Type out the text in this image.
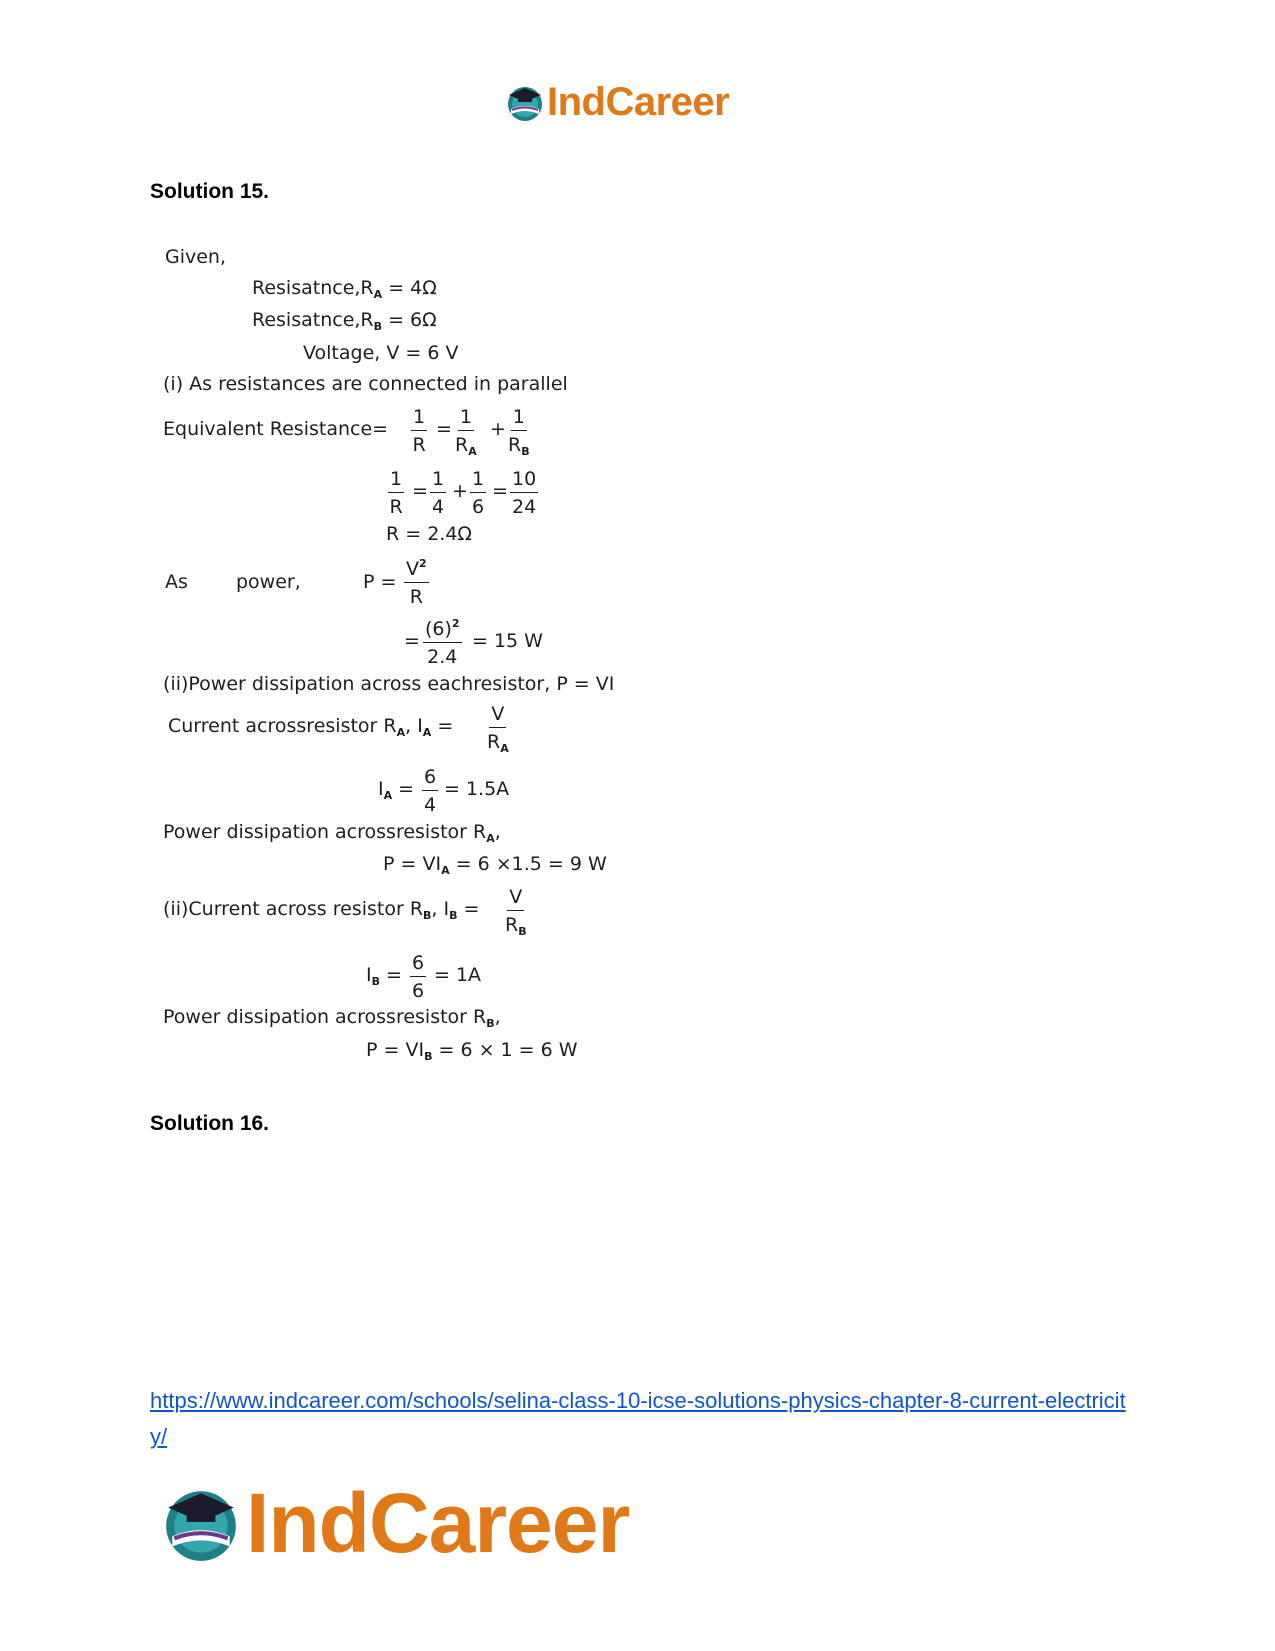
IndCareer
Solution 15.
Given,
$Resisatnce,R_A = 4\Omega$
$Resisatnce,R_B = 6\Omega$
Voltage, V = 6 V
(i) As resistances are connected in parallel
Equivalent Resistance= $\frac{1}{R} = \frac{1}{R_A} + \frac{1}{R_B}$
$\frac{1}{R} = \frac{1}{4} + \frac{1}{6} = \frac{10}{24}$
R = 2.4Ω
As	power,	$P = \frac{V^2}{R}$
= $\frac{(6)^2}{2.4} = 15$ W
(ii)Power dissipation across eachresistor, P = VI
Current acrossresistor $R_A$, $I_A = \frac{V}{R_A}$
$I_A = \frac{6}{4} = 1.5A$
Power dissipation acrossresistor $R_A$,
$P = VI_A = 6 \times 1.5 = 9$ W
(ii)Current across resistor $R_B$, $I_B = \frac{V}{R_B}$
$I_B = \frac{6}{6} = 1A$
Power dissipation acrossresistor $R_B$,
$P = VI_B = 6 \times 1 = 6$ W
Solution 16.
https://www.indcareer.com/schools/selina-class-10-icse-solutions-physics-chapter-8-current-electricity/
IndCareer
